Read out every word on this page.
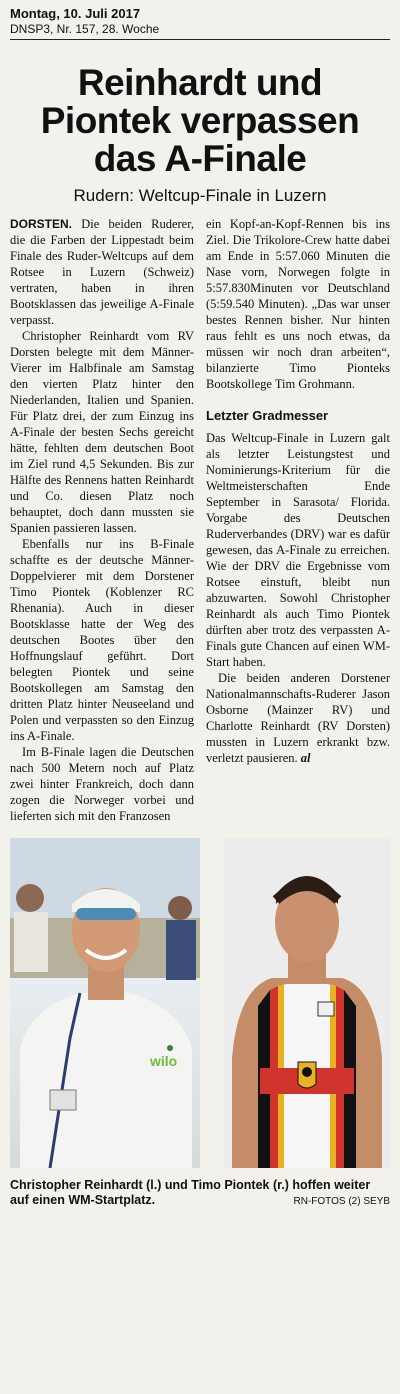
Montag, 10. Juli 2017
DNSP3, Nr. 157, 28. Woche
Reinhardt und
Piontek verpassen
das A-Finale
Rudern: Weltcup-Finale in Luzern

DORSTEN. Die beiden Ruderer, die die Farben der Lippestadt beim Finale des Ruder-Weltcups auf dem Rotsee in Luzern (Schweiz) vertraten, haben in ihren Bootsklassen das jeweilige A-Finale verpasst.

Christopher Reinhardt vom RV Dorsten belegte mit dem Männer-Vierer im Halbfinale am Samstag den vierten Platz hinter den Niederlanden, Italien und Spanien. Für Platz drei, der zum Einzug ins A-Finale der besten Sechs gereicht hätte, fehlten dem deutschen Boot im Ziel rund 4,5 Sekunden. Bis zur Hälfte des Rennens hatten Reinhardt und Co. diesen Platz noch behauptet, doch dann mussten sie Spanien passieren lassen.

Ebenfalls nur ins B-Finale schaffte es der deutsche Männer-Doppelvierer mit dem Dorstener Timo Piontek (Koblenzer RC Rhenania). Auch in dieser Bootsklasse hatte der Weg des deutschen Bootes über den Hoffnungslauf geführt. Dort belegten Piontek und seine Bootskollegen am Samstag den dritten Platz hinter Neuseeland und Polen und verpassten so den Einzug ins A-Finale.

Im B-Finale lagen die Deutschen nach 500 Metern noch auf Platz zwei hinter Frankreich, doch dann zogen die Norweger vorbei und lieferten sich mit den Franzosen

ein Kopf-an-Kopf-Rennen bis ins Ziel. Die Trikolore-Crew hatte dabei am Ende in 5:57.060 Minuten die Nase vorn, Norwegen folgte in 5:57.830Minuten vor Deutschland (5:59.540 Minuten). „Das war unser bestes Rennen bisher. Nur hinten raus fehlt es uns noch etwas, da müssen wir noch dran arbeiten“, bilanzierte Timo Pionteks Bootskollege Tim Grohmann.

Letzter Gradmesser

Das Weltcup-Finale in Luzern galt als letzter Leistungstest und Nominierungs-Kriterium für die Weltmeisterschaften Ende September in Sarasota/ Florida. Vorgabe des Deutschen Ruderverbandes (DRV) war es dafür gewesen, das A-Finale zu erreichen. Wie der DRV die Ergebnisse vom Rotsee einstuft, bleibt nun abzuwarten. Sowohl Christopher Reinhardt als auch Timo Piontek dürften aber trotz des verpassten A-Finals gute Chancen auf einen WM-Start haben.

Die beiden anderen Dorstener Nationalmannschafts-Ruderer Jason Osborne (Mainzer RV) und Charlotte Reinhardt (RV Dorsten) mussten in Luzern erkrankt bzw. verletzt pausieren. al

wilo
Christopher Reinhardt (l.) und Timo Piontek (r.) hoffen weiter auf einen WM-Startplatz.	RN-FOTOS (2) SEYB
